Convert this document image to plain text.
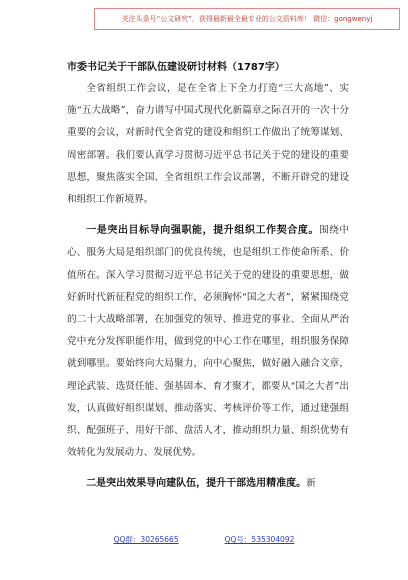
关注头条号“公文研究”，获得最新最全最专业的公文资料库！ 微信：gongwenyj
市委书记关于干部队伍建设研讨材料（1787字）

全省组织工作会议，是在全省上下全力打造“三大高地”、实施“五大战略”，奋力谱写中国式现代化新篇章之际召开的一次十分重要的会议，对新时代全省党的建设和组织工作做出了统筹谋划、周密部署。我们要认真学习贯彻习近平总书记关于党的建设的重要思想，聚焦落实全国、全省组织工作会议部署，不断开辟党的建设和组织工作新境界。

一是突出目标导向强职能，提升组织工作契合度。围绕中心、服务大局是组织部门的优良传统，也是组织工作使命所系、价值所在。深入学习贯彻习近平总书记关于党的建设的重要思想，做好新时代新征程党的组织工作，必须胸怀“国之大者”，紧紧围绕党的二十大战略部署，在加强党的领导、推进党的事业、全面从严治党中充分发挥职能作用，做到党的中心工作在哪里，组织服务保障就到哪里。要始终向大局聚力，向中心聚焦，做好融入融合文章，理论武装、选贤任能、强基固本、育才聚才，都要从“国之大者”出发，认真做好组织谋划、推动落实、考核评价等工作，通过建强组织、配强班子、用好干部、盘活人才，推动组织力量、组织优势有效转化为发展动力、发展优势。

二是突出效果导向建队伍，提升干部选用精准度。新

QQ群：30265665	QQ号：535304092
